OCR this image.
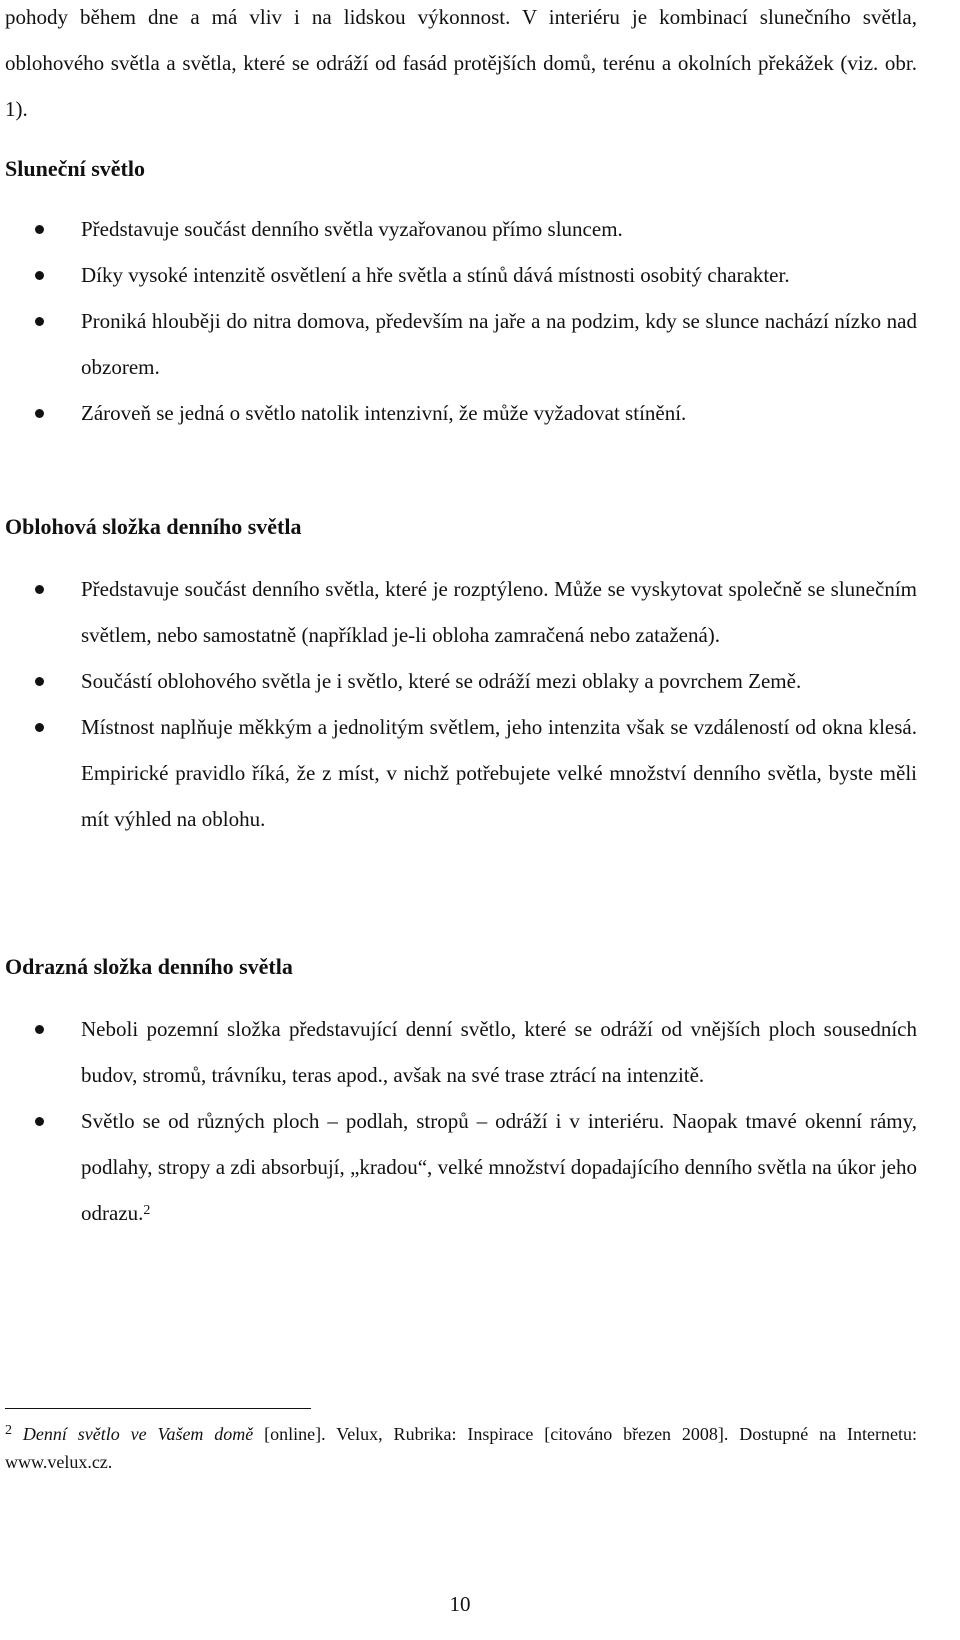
pohody během dne a má vliv i na lidskou výkonnost. V interiéru je kombinací slunečního světla, oblohového světla a světla, které se odráží od fasád protějších domů, terénu a okolních překážek (viz. obr. 1).

Sluneční světlo
Představuje součást denního světla vyzařovanou přímo sluncem.
Díky vysoké intenzitě osvětlení a hře světla a stínů dává místnosti osobitý charakter.
Proniká hlouběji do nitra domova, především na jaře a na podzim, kdy se slunce nachází nízko nad obzorem.
Zároveň se jedná o světlo natolik intenzivní, že může vyžadovat stínění.
Oblohová složka denního světla
Představuje součást denního světla, které je rozptýleno. Může se vyskytovat společně se slunečním světlem, nebo samostatně (například je-li obloha zamračená nebo zatažená).
Součástí oblohového světla je i světlo, které se odráží mezi oblaky a povrchem Země.
Místnost naplňuje měkkým a jednolitým světlem, jeho intenzita však se vzdáleností od okna klesá. Empirické pravidlo říká, že z míst, v nichž potřebujete velké množství denního světla, byste měli mít výhled na oblohu.
Odrazná složka denního světla
Neboli pozemní složka představující denní světlo, které se odráží od vnějších ploch sousedních budov, stromů, trávníku, teras apod., avšak na své trase ztrácí na intenzitě.
Světlo se od různých ploch – podlah, stropů – odráží i v interiéru. Naopak tmavé okenní rámy, podlahy, stropy a zdi absorbují, „kradou“, velké množství dopadajícího denního světla na úkor jeho odrazu.$^2$
$^2$ Denní světlo ve Vašem domě [online]. Velux, Rubrika: Inspirace [citováno březen 2008]. Dostupné na Internetu: www.velux.cz.
10
